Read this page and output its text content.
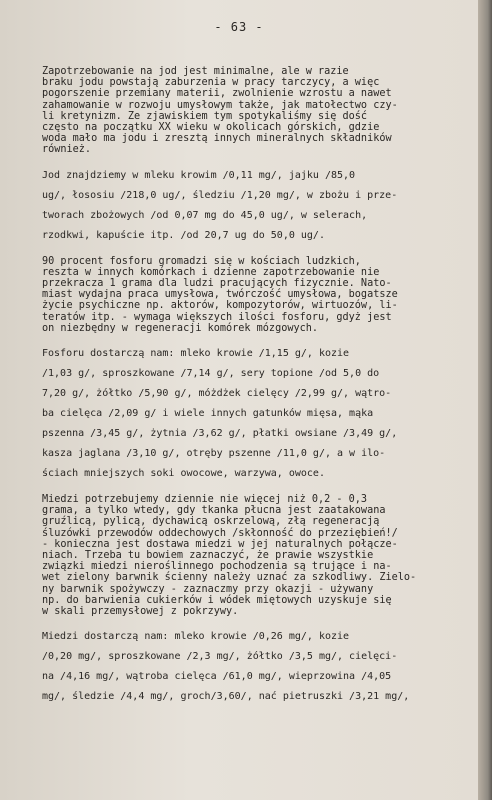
- 63 -

Zapotrzebowanie na jod jest minimalne, ale w razie
braku jodu powstają zaburzenia w pracy tarczycy, a więc
pogorszenie przemiany materii, zwolnienie wzrostu a nawet
zahamowanie w rozwoju umysłowym także, jak matołectwo czy-
li kretynizm. Ze zjawiskiem tym spotykaliśmy się dość
często na początku XX wieku w okolicach górskich, gdzie
woda mało ma jodu i zresztą innych mineralnych składników
również.

Jod znajdziemy w mleku krowim /0,11 mg/, jajku /85,0
ug/, łososiu /218,0 ug/, śledziu /1,20 mg/, w zbożu i prze-
tworach zbożowych /od 0,07 mg do 45,0 ug/, w selerach,
rzodkwi, kapuście itp. /od 20,7 ug do 50,0 ug/.

90 procent fosforu gromadzi się w kościach ludzkich,
reszta w innych komórkach i dzienne zapotrzebowanie nie
przekracza 1 grama dla ludzi pracujących fizycznie. Nato-
miast wydajna praca umysłowa, twórczość umysłowa, bogatsze
życie psychiczne np. aktorów, kompozytorów, wirtuozów, li-
teratów itp. - wymaga większych ilości fosforu, gdyż jest
on niezbędny w regeneracji komórek mózgowych.

Fosforu dostarczą nam: mleko krowie /1,15 g/, kozie
/1,03 g/, sproszkowane /7,14 g/, sery topione /od 5,0 do
7,20 g/, żółtko /5,90 g/, móżdżek cielęcy /2,99 g/, wątro-
ba cielęca /2,09 g/ i wiele innych gatunków mięsa, mąka
pszenna /3,45 g/, żytnia /3,62 g/, płatki owsiane /3,49 g/,
kasza jaglana /3,10 g/, otręby pszenne /11,0 g/, a w ilo-
ściach mniejszych soki owocowe, warzywa, owoce.

Miedzi potrzebujemy dziennie nie więcej niż 0,2 - 0,3
grama, a tylko wtedy, gdy tkanka płucna jest zaatakowana
gruźlicą, pylicą, dychawicą oskrzelową, złą regeneracją
śluzówki przewodów oddechowych /skłonność do przeziębień!/
- konieczna jest dostawa miedzi w jej naturalnych połącze-
niach. Trzeba tu bowiem zaznaczyć, że prawie wszystkie
związki miedzi nieroślinnego pochodzenia są trujące i na-
wet zielony barwnik ścienny należy uznać za szkodliwy. Zielo-
ny barwnik spożywczy - zaznaczmy przy okazji - używany
np. do barwienia cukierków i wódek miętowych uzyskuje się
w skali przemysłowej z pokrzywy.

Miedzi dostarczą nam: mleko krowie /0,26 mg/, kozie
/0,20 mg/, sproszkowane /2,3 mg/, żółtko /3,5 mg/, cielęci-
na /4,16 mg/, wątroba cielęca /61,0 mg/, wieprzowina /4,05
mg/, śledzie /4,4 mg/, groch/3,60/, nać pietruszki /3,21 mg/,
